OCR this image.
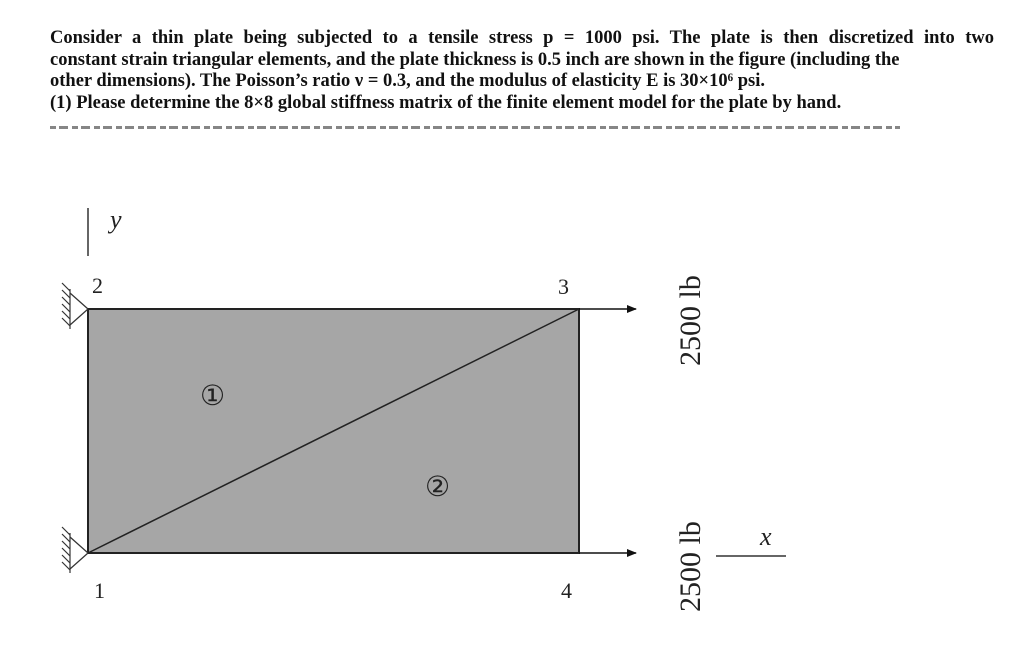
Consider a thin plate being subjected to a tensile stress p = 1000 psi. The plate is then discretized into two

constant strain triangular elements, and the plate thickness is 0.5 inch are shown in the figure (including the

other dimensions). The Poisson’s ratio ν = 0.3, and the modulus of elasticity E is 30×10⁶ psi.

(1) Please determine the 8×8 global stiffness matrix of the finite element model for the plate by hand.

y
2	3
1	4
①
②
2500 lb
2500 lb x
